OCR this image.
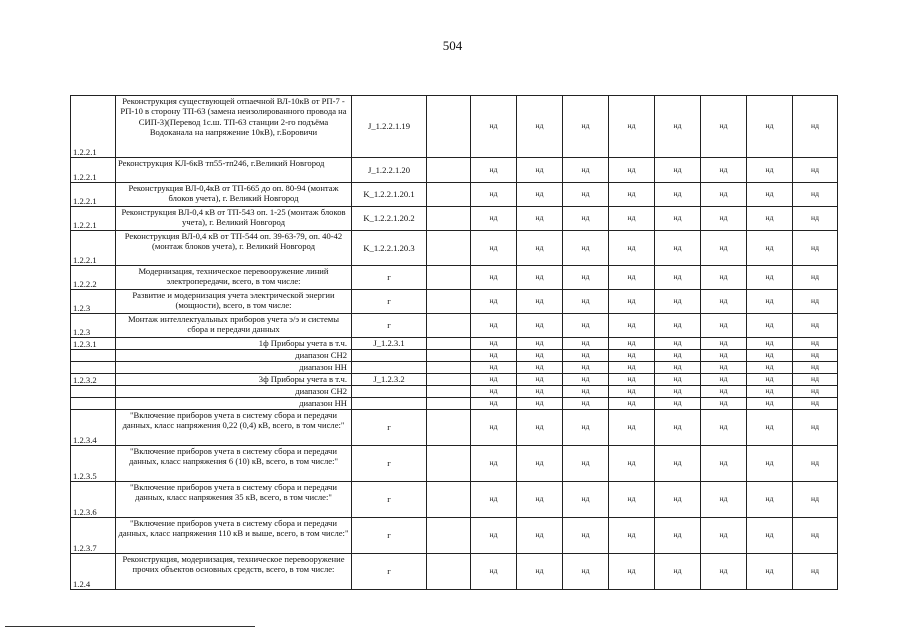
504
1.2.2.1	Реконструкция существующей отпаечной ВЛ-10кВ от РП-7 - РП-10 в сторону ТП-63 (замена неизолированного провода на СИП-3)(Перевод 1с.ш. ТП-63 станции 2-го подъёма Водоканала на напряжение 10кВ), г.Боровичи	J_1.2.2.1.19		нд	нд	нд	нд	нд	нд	нд	нд	
1.2.2.1	Реконструкция КЛ-6кВ тп55-тп246, г.Великий Новгород	J_1.2.2.1.20		нд	нд	нд	нд	нд	нд	нд	нд	
1.2.2.1	Реконструкция ВЛ-0,4кВ от ТП-665 до оп. 80-94 (монтаж блоков учета), г. Великий Новгород	K_1.2.2.1.20.1		нд	нд	нд	нд	нд	нд	нд	нд	
1.2.2.1	Реконструкция ВЛ-0,4 кВ от ТП-543 оп. 1-25 (монтаж блоков учета), г. Великий Новгород	K_1.2.2.1.20.2		нд	нд	нд	нд	нд	нд	нд	нд	
1.2.2.1	Реконструкция ВЛ-0,4 кВ от ТП-544 оп. 39-63-79, оп. 40-42 (монтаж блоков учета), г. Великий Новгород	K_1.2.2.1.20.3		нд	нд	нд	нд	нд	нд	нд	нд	
1.2.2.2	Модернизация, техническое перевооружение линий электропередачи, всего, в том числе:	г		нд	нд	нд	нд	нд	нд	нд	нд	
1.2.3	Развитие и модернизация учета электрической энергии (мощности), всего, в том числе:	г		нд	нд	нд	нд	нд	нд	нд	нд	
1.2.3	Монтаж интеллектуальных приборов учета э/э и системы сбора и передачи данных	г		нд	нд	нд	нд	нд	нд	нд	нд	
1.2.3.1	1ф Приборы учета в т.ч.	J_1.2.3.1		нд	нд	нд	нд	нд	нд	нд	нд	
	диапазон СН2			нд	нд	нд	нд	нд	нд	нд	нд	
	диапазон НН			нд	нд	нд	нд	нд	нд	нд	нд	
1.2.3.2	3ф Приборы учета в т.ч.	J_1.2.3.2		нд	нд	нд	нд	нд	нд	нд	нд	
	диапазон СН2			нд	нд	нд	нд	нд	нд	нд	нд	
	диапазон НН			нд	нд	нд	нд	нд	нд	нд	нд	
1.2.3.4	"Включение приборов учета в систему сбора и передачи данных, класс напряжения 0,22 (0,4) кВ, всего, в том числе:"	г		нд	нд	нд	нд	нд	нд	нд	нд	
1.2.3.5	"Включение приборов учета в систему сбора и передачи данных, класс напряжения 6 (10) кВ, всего, в том числе:"	г		нд	нд	нд	нд	нд	нд	нд	нд	
1.2.3.6	"Включение приборов учета в систему сбора и передачи данных, класс напряжения 35 кВ, всего, в том числе:"	г		нд	нд	нд	нд	нд	нд	нд	нд	
1.2.3.7	"Включение приборов учета в систему сбора и передачи данных, класс напряжения 110 кВ и выше, всего, в том числе:"	г		нд	нд	нд	нд	нд	нд	нд	нд	
1.2.4	Реконструкция, модернизация, техническое перевооружение прочих объектов основных средств, всего, в том числе:	г		нд	нд	нд	нд	нд	нд	нд	нд	
